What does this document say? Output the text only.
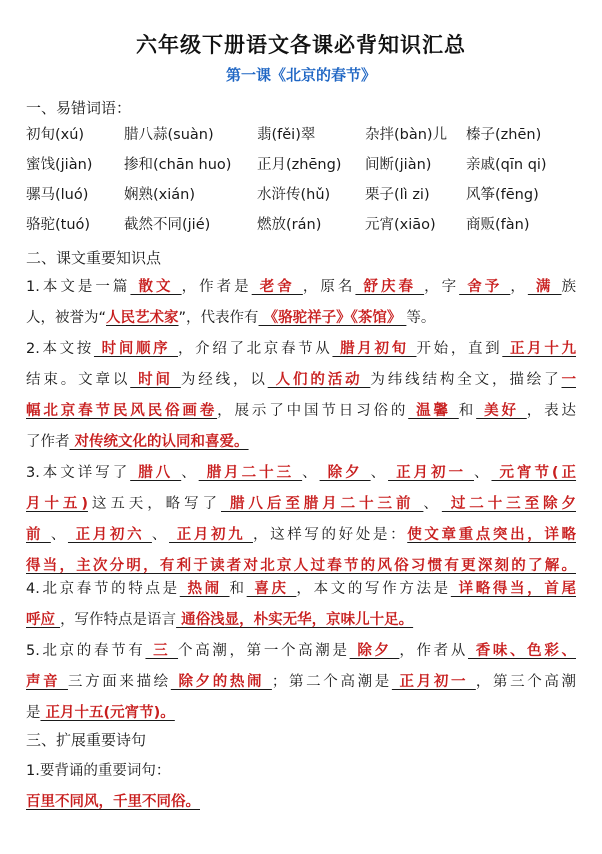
六年级下册语文各课必背知识汇总
第一课《北京的春节》
一、易错词语：
初旬(xú)	腊八蒜(suàn)	翡(fěi)翠	杂拌(bàn)儿 榛子(zhēn)
蜜饯(jiàn) 掺和(chān huo) 正月(zhēng) 间断(jiàn) 亲戚(qīn qi)
骡马(luó) 娴熟(xián)	水浒传(hǔ) 栗子(lì zi)	风筝(fēng)
骆驼(tuó) 截然不同(jié)	燃放(rán)	元宵(xiāo) 商贩(fàn)
二、课文重要知识点
1.本文是一篇 散文 ，作者是 老舍 ，原名 舒庆春 ，字 舍予 ， 满 族
人，被誉为“人民艺术家”，代表作有 《骆驼祥子》《茶馆》 等。
2.本文按 时间顺序 ，介绍了北京春节从 腊月初旬 开始，直到 正月十九
结束。文章以 时间 为经线，以 人们的活动 为纬线结构全文，描绘了一
幅北京春节民风民俗画卷，展示了中国节日习俗的 温馨 和 美好 ，表达
了作者 对传统文化的认同和喜爱。
3.本文详写了 腊八 、 腊月二十三 、 除夕 、 正月初一 、 元宵节(正
月十五)这五天，略写了 腊八后至腊月二十三前 、 过二十三至除夕
前 、 正月初六 、 正月初九 ，这样写的好处是：使文章重点突出，详略
得当，主次分明，有利于读者对北京人过春节的风俗习惯有更深刻的了解。
4.北京春节的特点是 热闹 和 喜庆 ，本文的写作方法是 详略得当，首尾
呼应 ，写作特点是语言 通俗浅显，朴实无华，京味儿十足。
5.北京的春节有 三 个高潮，第一个高潮是 除夕 ，作者从 香味、色彩、
声音 三方面来描绘 除夕的热闹 ；第二个高潮是 正月初一 ，第三个高潮
是 正月十五(元宵节)。
三、扩展重要诗句
1.要背诵的重要词句：
百里不同风，千里不同俗。
